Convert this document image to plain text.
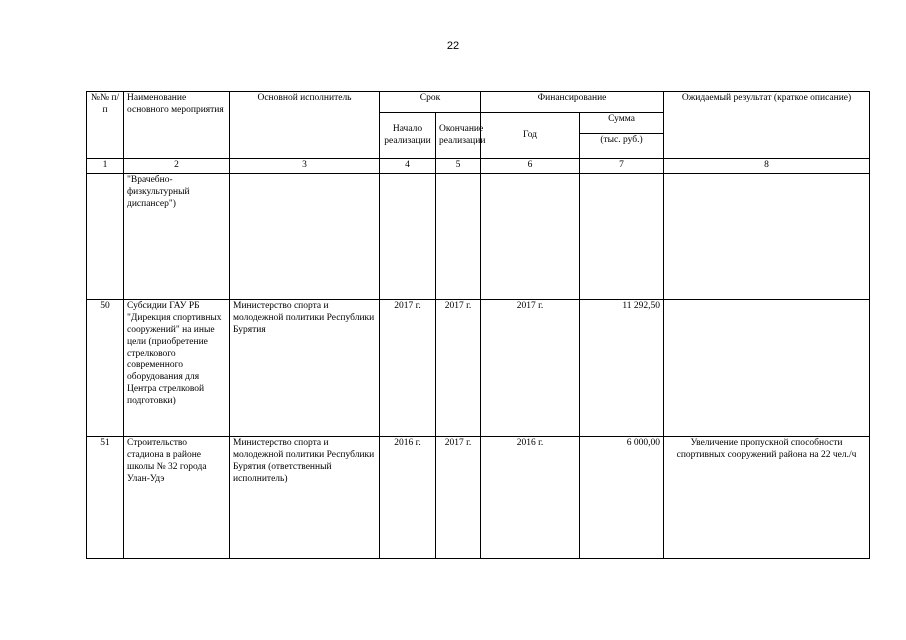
22
№№ п/п	Наименование основного мероприятия	Основной исполнитель	Срок		Финансирование		Ожидаемый результат (краткое описание)
			Начало реализации	Окончание реализации	Год	Сумма	
						(тыс. руб.)	
1	2	3	4	5	6	7	8
	"Врачебно-физкультурный диспансер")						
50	Субсидии ГАУ РБ "Дирекция спортивных сооружений" на иные цели (приобретение стрелкового современного оборудования для Центра стрелковой подготовки)	Министерство спорта и молодежной политики Республики Бурятия	2017 г.	2017 г.	2017 г.	11 292,50	
51	Строительство стадиона в районе школы № 32 города Улан-Удэ	Министерство спорта и молодежной политики Республики Бурятия (ответственный исполнитель)	2016 г.	2017 г.	2016 г.	6 000,00	Увеличение пропускной способности спортивных сооружений района на 22 чел./ч
